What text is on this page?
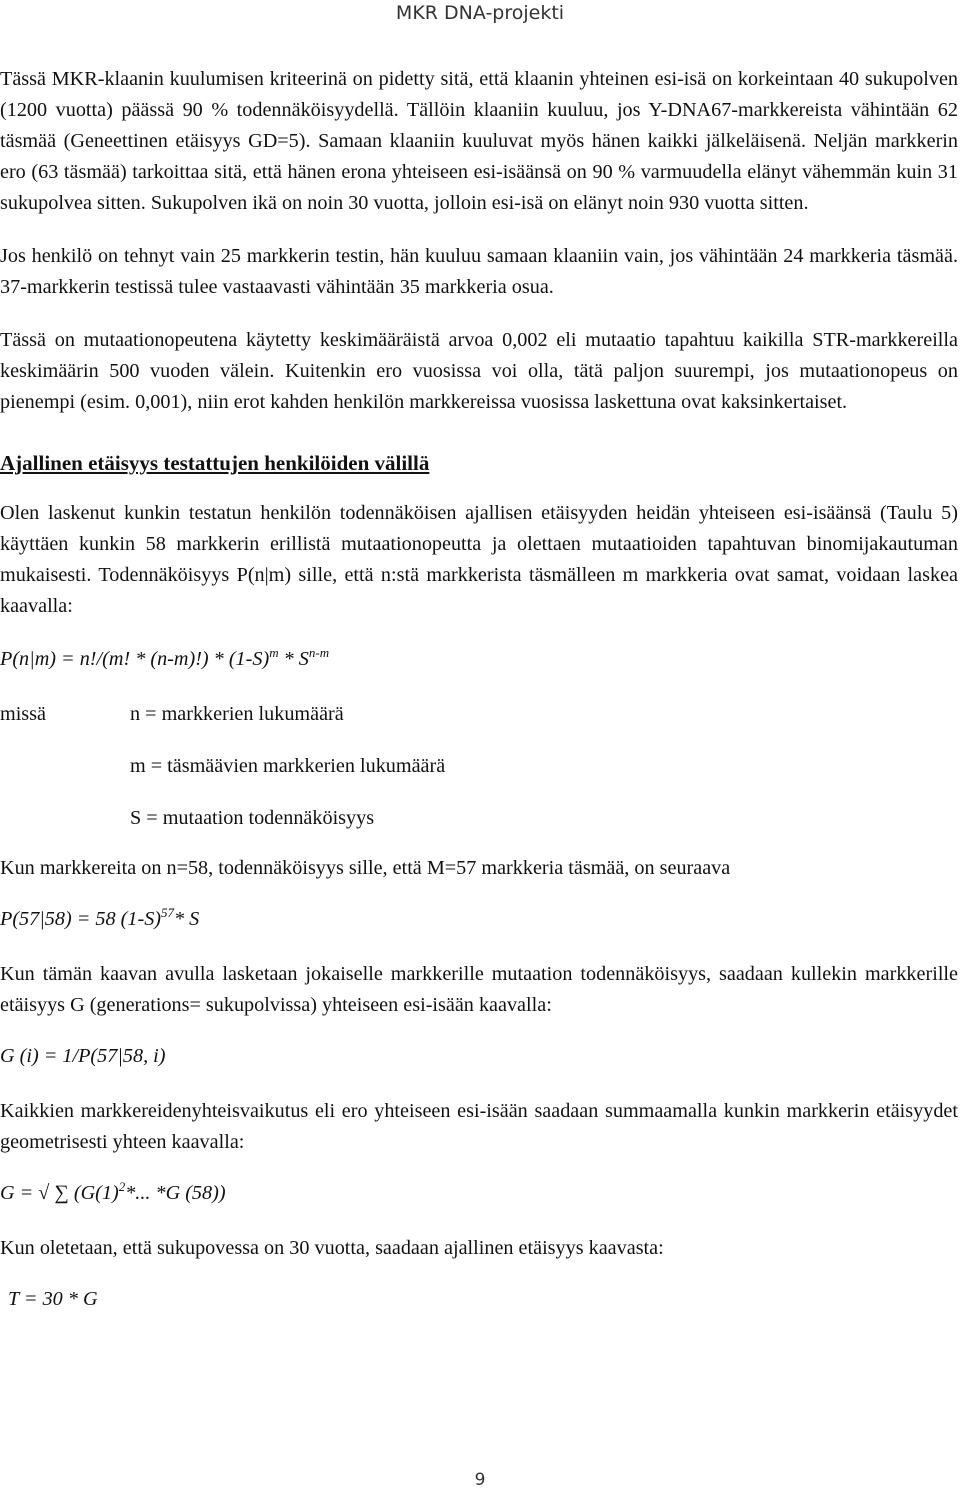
MKR DNA-projekti

Tässä MKR-klaanin kuulumisen kriteerinä on pidetty sitä, että klaanin yhteinen esi-isä on korkeintaan 40 sukupolven (1200 vuotta) päässä 90 % todennäköisyydellä. Tällöin klaaniin kuuluu, jos Y-DNA67-markkereista vähintään 62 täsmää (Geneettinen etäisyys GD=5). Samaan klaaniin kuuluvat myös hänen kaikki jälkeläisenä. Neljän markkerin ero (63 täsmää) tarkoittaa sitä, että hänen erona yhteiseen esi-isäänsä on 90 % varmuudella elänyt vähemmän kuin 31 sukupolvea sitten. Sukupolven ikä on noin 30 vuotta, jolloin esi-isä on elänyt noin 930 vuotta sitten.

Jos henkilö on tehnyt vain 25 markkerin testin, hän kuuluu samaan klaaniin vain, jos vähintään 24 markkeria täsmää. 37-markkerin testissä tulee vastaavasti vähintään 35 markkeria osua.

Tässä on mutaationopeutena käytetty keskimääräistä arvoa 0,002 eli mutaatio tapahtuu kaikilla STR-markkereilla keskimäärin 500 vuoden välein. Kuitenkin ero vuosissa voi olla, tätä paljon suurempi, jos mutaationopeus on pienempi (esim. 0,001), niin erot kahden henkilön markkereissa vuosissa laskettuna ovat kaksinkertaiset.

Ajallinen etäisyys testattujen henkilöiden välillä

Olen laskenut kunkin testatun henkilön todennäköisen ajallisen etäisyyden heidän yhteiseen esi-isäänsä (Taulu 5) käyttäen kunkin 58 markkerin erillistä mutaationopeutta ja olettaen mutaatioiden tapahtuvan binomijakautuman mukaisesti. Todennäköisyys P(n|m) sille, että n:stä markkerista täsmälleen m markkeria ovat samat, voidaan laskea kaavalla:

P(n|m) = n!/(m! * $(n-m)!) * (1-S)^m * S^{n-m}$
missä	n = markkerien lukumäärä
m = täsmäävien markkerien lukumäärä
S = mutaation todennäköisyys

Kun markkereita on n=58, todennäköisyys sille, että M=57 markkeria täsmää, on seuraava

P(57|58) = 58 $(1-S)^{57}*$ S

Kun tämän kaavan avulla lasketaan jokaiselle markkerille mutaation todennäköisyys, saadaan kullekin markkerille etäisyys G (generations= sukupolvissa) yhteiseen esi-isään kaavalla:

G (i) = 1/P(57|58, i)

Kaikkien markkereidenyhteisvaikutus eli ero yhteiseen esi-isään saadaan summaamalla kunkin markkerin etäisyydet geometrisesti yhteen kaavalla:

G = √ ∑ ($G(1)^2*$... *G (58))

Kun oletetaan, että sukupovessa on 30 vuotta, saadaan ajallinen etäisyys kaavasta:

T = 30 * G
9
